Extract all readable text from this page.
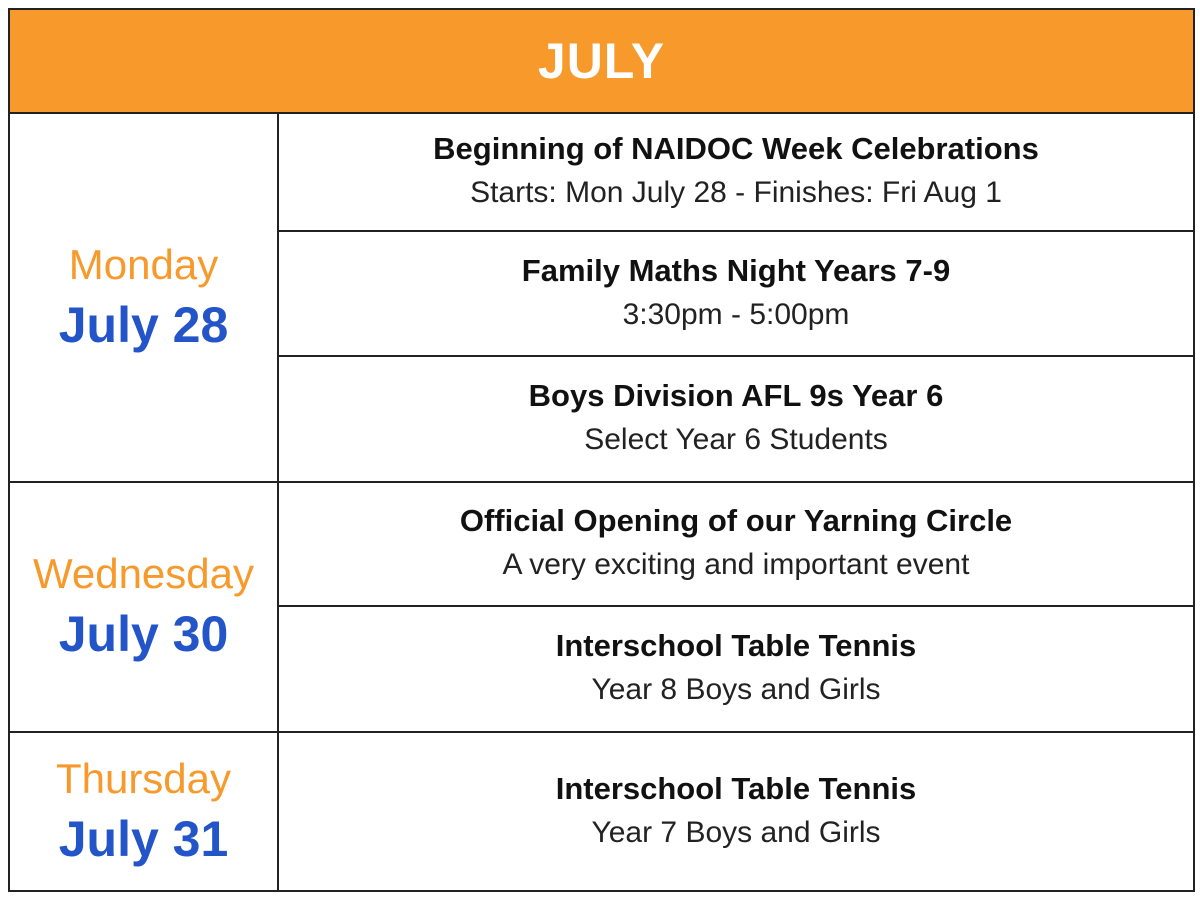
JULY
Monday
July 28
Beginning of NAIDOC Week Celebrations
Starts: Mon July 28 - Finishes: Fri Aug 1
Family Maths Night Years 7-9
3:30pm - 5:00pm
Boys Division AFL 9s Year 6
Select Year 6 Students
Wednesday
July 30
Official Opening of our Yarning Circle
A very exciting and important event
Interschool Table Tennis
Year 8 Boys and Girls
Thursday
July 31
Interschool Table Tennis
Year 7 Boys and Girls
